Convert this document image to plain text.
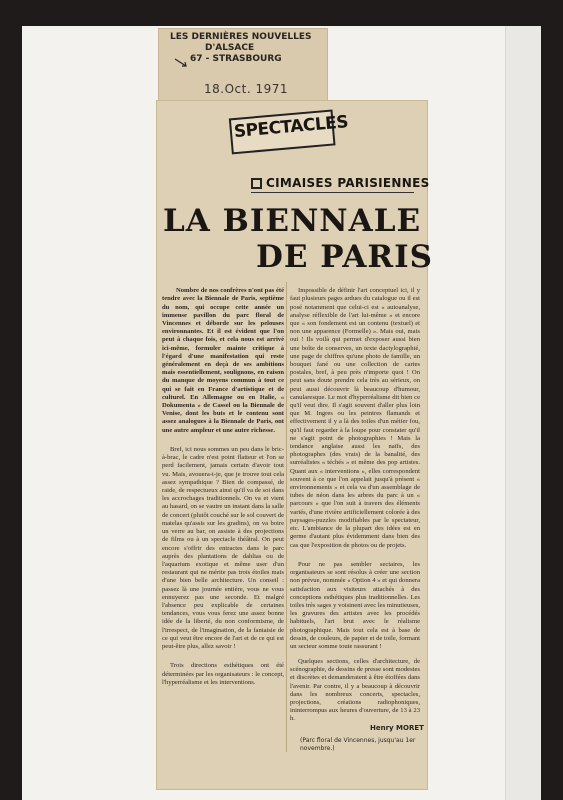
LES DERNIÈRES NOUVELLES
D'ALSACE
67 - STRASBOURG
18.Oct. 1971
SPECTACLES
CIMAISES PARISIENNES
LA BIENNALE
DE PARIS

Nombre de nos confrères n'ont pas été tendre avec la Biennale de Paris, septième du nom, qui occupe cette année un immense pavillon du parc floral de Vincennes et déborde sur les pelouses environnantes. Et il est évident que l'on peut à chaque fois, et cela nous est arrivé ici-même, formuler mainte critique à l'égard d'une manifestation qui reste généralement en deçà de ses ambitions mais essentiellement, soulignons, en raison du manque de moyens commun à tout ce qui se fait en France d'artistique et de culturel. En Allemagne ou en Italie, « Dokumenta » de Cassel ou la Biennale de Venise, dont les buts et le contenu sont assez analogues à la Biennale de Paris, ont une autre ampleur et une autre richesse.

Bref, ici nous sommes un peu dans le bric-à-brac, le cadre n'est point flatteur et l'on se perd facilement, jamais certain d'avoir tout vu. Mais, avouera-t-je, que je trouve tout cela assez sympathique ? Bien de compassé, de raide, de respectueux ainsi qu'il va de soi dans les accrochages traditionnels. On va et vient au hasard, on se vautre un instant dans la salle de concert (plutôt couché sur le sol couvert de matelas qu'assis sur les gradins), on va boire un verre au bar, on assiste à des projections de films ou à un spectacle théâtral. On peut encore s'offrir des entractes dans le parc auprès des plantations de dahlias ou de l'aquarium exotique et même user d'un restaurant qui ne mérite pas trois étoiles mais d'une bien belle architecture. Un conseil : passez là une journée entière, vous ne vous ennuyerez pas une seconde. Et malgré l'absence peu explicable de certaines tendances, vous vous ferez une assez bonne idée de la liberté, du non conformisme, de l'irrespect, de l'imagination, de la fantaisie de ce qui veut être encore de l'art et de ce qui est peut-être plus, allez savoir !

Trois directions esthétiques ont été déterminées par les organisateurs : le concept, l'hyperréalisme et les interventions.

Impossible de définir l'art conceptuel ici, il y faut plusieurs pages ardues du catalogue ou il est posé notamment que celui-ci est « autoanalyse, analyse réflexible de l'art lui-même » et encore que « son fondement est un contenu (textuel) et non une apparence (Formelle) ». Mais oui, mais oui ! Ils voilà qui permet d'exposer aussi bien une boîte de conserves, un texte dactylographié, une page de chiffres qu'une photo de famille, un bouquet fané ou une collection de cartes postales, bref, à peu près n'importe quoi ! On peut sans doute prendre cela très au sérieux, on peut aussi découvrir là beaucoup d'humour, canularesque. Le mot d'hyperréalisme dit bien ce qu'il veut dire. Il s'agit souvent d'aller plus loin que M. Ingres ou les peintres flamands et effectivement il y a là des toiles d'un métier fou, qu'il faut regarder à la loupe pour constater qu'il ne s'agit point de photographies ! Mais la tendance anglaise aussi les naïfs, des photographes (des vrais) de la banalité, des surréalistes « téchés » et même des pop artistes. Quant aux « interventions », elles correspondent souvent à ce que l'on appelait jusqu'à présent « environnements » et cela va d'un assemblage de tubes de néon dans les arbres du parc à un « parcours » que l'on suit à travers des éléments variés, d'une rivière artificiellement colorée à des paysages-puzzles modifiables par le spectateur, etc. L'ambiance de la plupart des idées est en germe d'autant plus évidemment dans bien des cas que l'exposition de photos ou de projets.

Pour ne pas sembler sectaires, les organisateurs se sont résolus à créer une section non prévue, nommée « Option 4 » et qui donnera satisfaction aux visiteurs attachés à des conceptions esthétiques plus traditionnelles. Les toiles très sages y voisinent avec les minutieuses, les gravures des artistes avec les procédés habituels, l'art brut avec le réalisme photographique. Mais tout cela est à base de dessin, de couleurs, de papier et de toile, formant un secteur somme toute rassurant !

Quelques sections, celles d'architecture, de scénographie, de dessins de presse sont modestes et discrètes et demanderaient à être étoffées dans l'avenir. Par contre, il y a beaucoup à découvrir dans les nombreux concerts, spectacles, projections, créations radiophoniques, ininterrompus aux heures d'ouverture, de 13 à 23 h.
Henry MORET
(Parc floral de Vincennes, jusqu'au 1er novembre.)
